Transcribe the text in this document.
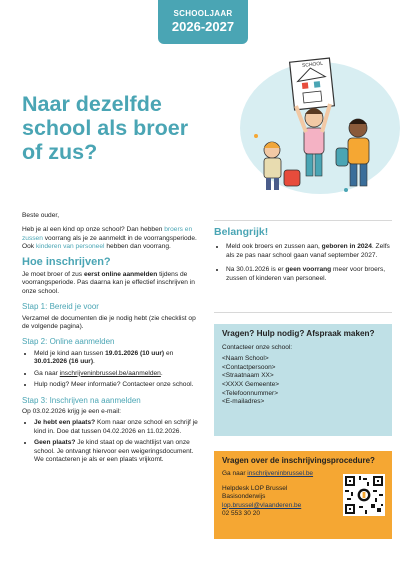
SCHOOLJAAR
2026-2027
Naar dezelfde school als broer of zus?
SCHOOL

Beste ouder,

Heb je al een kind op onze school? Dan hebben broers en zussen voorrang als je ze aanmeldt in de voorrangsperiode. Ook kinderen van personeel hebben dan voorrang.

Hoe inschrijven?

Je moet broer of zus eerst online aanmelden tijdens de voorrangsperiode. Pas daarna kan je effectief inschrijven in onze school.

Stap 1: Bereid je voor

Verzamel de documenten die je nodig hebt (zie checklist op de volgende pagina).

Stap 2: Online aanmelden
• Meld je kind aan tussen 19.01.2026 (10 uur) en 30.01.2026 (16 uur).
• Ga naar inschrijveninbrussel.be/aanmelden.
• Hulp nodig? Meer informatie? Contacteer onze school.
Stap 3: Inschrijven na aanmelden

Op 03.02.2026 krijg je een e-mail:

• Je hebt een plaats? Kom naar onze school en schrijf je kind in. Doe dat tussen 04.02.2026 en 11.02.2026.
• Geen plaats? Je kind staat op de wachtlijst van onze school. Je ontvangt hiervoor een weigeringsdocument. We contacteren je als er een plaats vrijkomt.
Belangrijk!
• Meld ook broers en zussen aan, geboren in 2024. Zelfs als ze pas naar school gaan vanaf september 2027.
• Na 30.01.2026 is er geen voorrang meer voor broers, zussen of kinderen van personeel.
Vragen? Hulp nodig? Afspraak maken?
Contacteer onze school:
<Naam School>
<Contactpersoon>
<Straatnaam XX>
<XXXX Gemeente>
<Telefoonnummer>
<E-mailadres>
Vragen over de inschrijvingsprocedure?
Ga naar inschrijveninbrussel.be
Helpdesk LOP Brussel
Basisonderwijs
lop.brussel@vlaanderen.be
02 553 30 20
